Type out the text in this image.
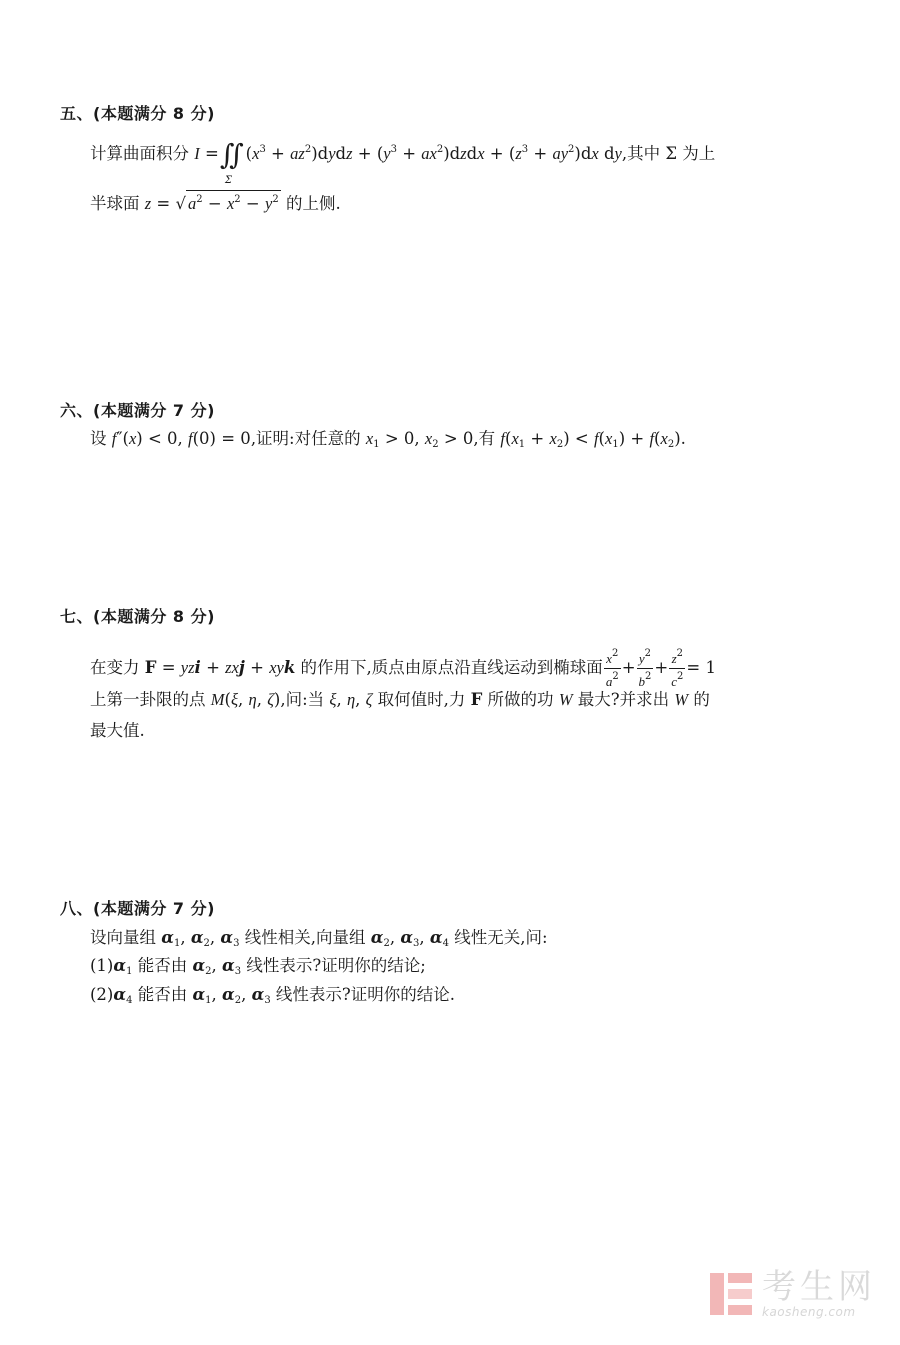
五、(本题满分 8 分)
计算曲面积分 I =∬
Σ
($x^3$ + $az^2)dydz + (y^3$ + $ax^2)dzdx + (z^3 + ay^2)dx$ dy,其中 Σ 为上
半球面 z = √ $a^2 - x^2 - y^2$ 的上侧.
六、(本题满分 7 分)
设 f″(x) < 0, f(0) = 0,证明:对任意的 $x_1 > 0$, $x_2 > 0$,有 $f(x_1 + x_2) < f(x_1) + f(x_2)$.
七、(本题满分 8 分)
在变力 F = yzi + zxj + xyk 的作用下,质点由原点沿直线运动到椭球面 $\frac{x^2}{a^2} + \frac{y^2}{b^2} + \frac{z^2}{c^2} = 1$
上第一卦限的点 M(ξ, η, ζ),问:当 ξ, η, ζ 取何值时,力 F 所做的功 W 最大?并求出 W 的
最大值.
八、(本题满分 7 分)
设向量组 $\alpha_1$, $\alpha_2$, $\alpha_3$ 线性相关,向量组 $\alpha_2$, $\alpha_3$, $\alpha_4$ 线性无关,问:
$(1)\alpha_1$ 能否由 $\alpha_2$, $\alpha_3$ 线性表示?证明你的结论;
$(2)\alpha_4$ 能否由 $\alpha_1$, $\alpha_2$, $\alpha_3$ 线性表示?证明你的结论.
考生网
kaosheng.com
